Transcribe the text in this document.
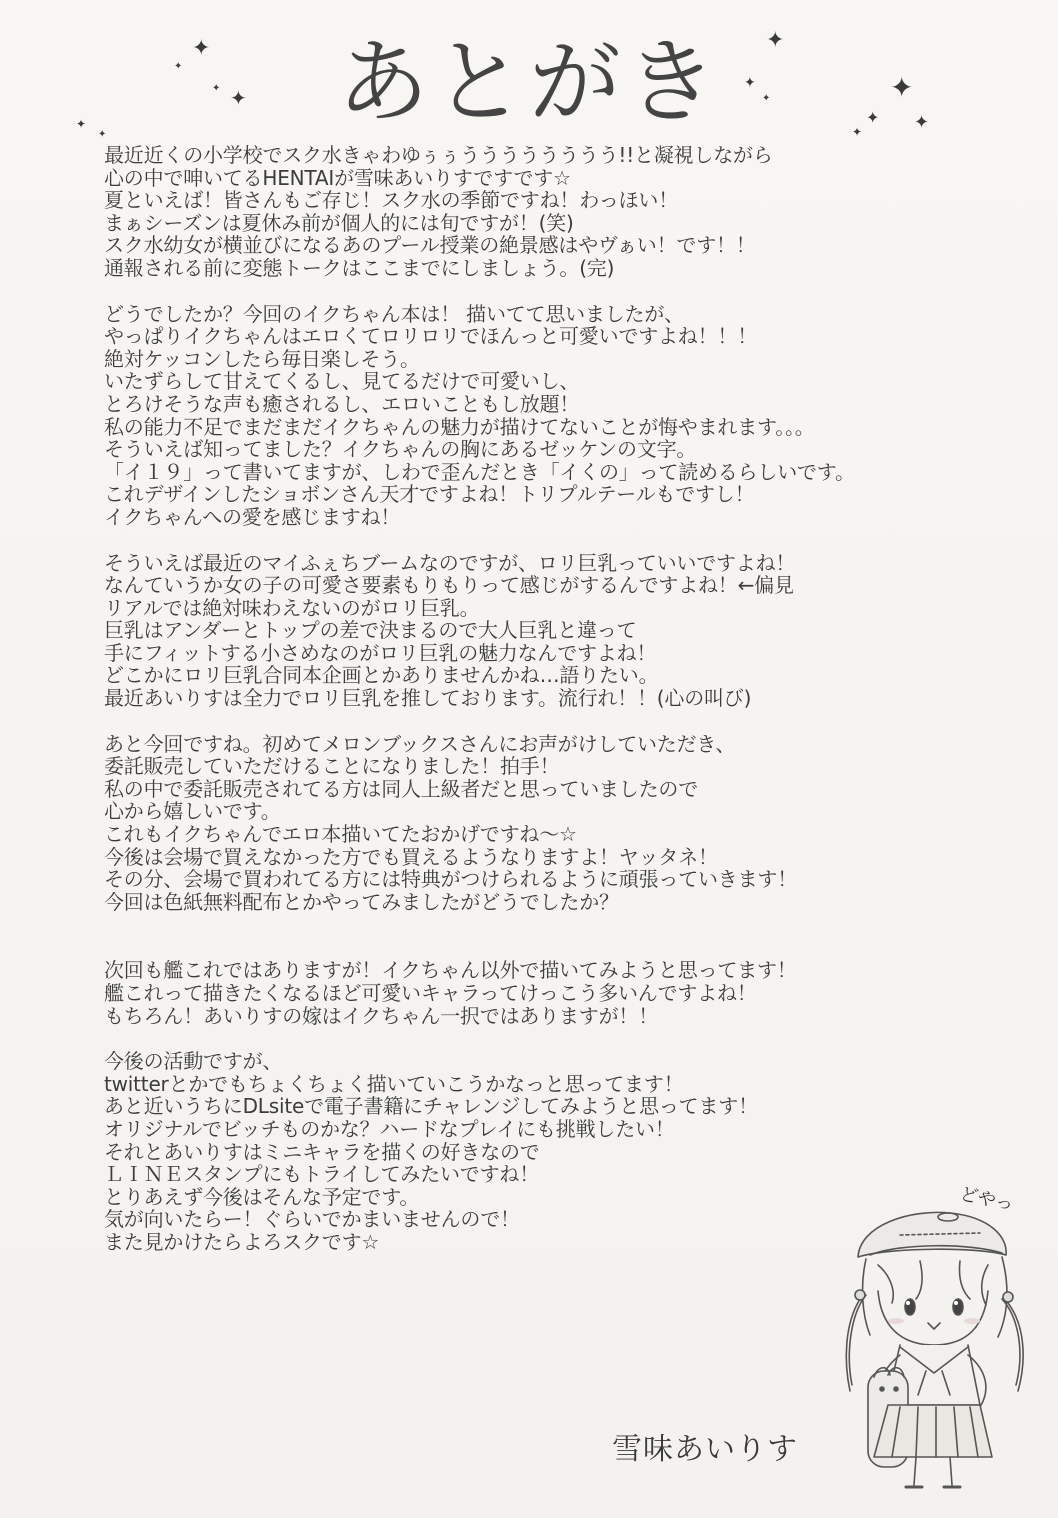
✦
✦
✦
✦
✦
✦
✦
✦
✦	✦
✦
✦	✦
あとがき
最近近くの小学校でスク水きゃわゆぅぅうううううううう!!と凝視しながら
心の中で呻いてるHENTAIが雪味あいりすですです☆
夏といえば！皆さんもご存じ！スク水の季節ですね！わっほい！
まぁシーズンは夏休み前が個人的には旬ですが！(笑)
スク水幼女が横並びになるあのプール授業の絶景感はやヴぁい！です！！
通報される前に変態トークはここまでにしましょう。(完)
どうでしたか？今回のイクちゃん本は！ 描いてて思いましたが、
やっぱりイクちゃんはエロくてロリロリでほんっと可愛いですよね！！！
絶対ケッコンしたら毎日楽しそう。
いたずらして甘えてくるし、見てるだけで可愛いし、
とろけそうな声も癒されるし、エロいこともし放題！
私の能力不足でまだまだイクちゃんの魅力が描けてないことが悔やまれます。。。
そういえば知ってました？イクちゃんの胸にあるゼッケンの文字。
「イ１９」って書いてますが、しわで歪んだとき「イくの」って読めるらしいです。
これデザインしたショボンさん天才ですよね！トリプルテールもですし！
イクちゃんへの愛を感じますね！
そういえば最近のマイふぇちブームなのですが、ロリ巨乳っていいですよね！
なんていうか女の子の可愛さ要素もりもりって感じがするんですよね！←偏見
リアルでは絶対味わえないのがロリ巨乳。
巨乳はアンダーとトップの差で決まるので大人巨乳と違って
手にフィットする小さめなのがロリ巨乳の魅力なんですよね！
どこかにロリ巨乳合同本企画とかありませんかね…語りたい。
最近あいりすは全力でロリ巨乳を推しております。流行れ！！(心の叫び)
あと今回ですね。初めてメロンブックスさんにお声がけしていただき、
委託販売していただけることになりました！拍手！
私の中で委託販売されてる方は同人上級者だと思っていましたので
心から嬉しいです。
これもイクちゃんでエロ本描いてたおかげですね～☆
今後は会場で買えなかった方でも買えるようなりますよ！ヤッタネ！
その分、会場で買われてる方には特典がつけられるように頑張っていきます！
今回は色紙無料配布とかやってみましたがどうでしたか？
次回も艦これではありますが！イクちゃん以外で描いてみようと思ってます！
艦これって描きたくなるほど可愛いキャラってけっこう多いんですよね！
もちろん！あいりすの嫁はイクちゃん一択ではありますが！！
今後の活動ですが、
twitterとかでもちょくちょく描いていこうかなっと思ってます！
あと近いうちにDLsiteで電子書籍にチャレンジしてみようと思ってます！
オリジナルでビッチものかな？ハードなプレイにも挑戦したい！
それとあいりすはミニキャラを描くの好きなので
ＬＩＮＥスタンプにもトライしてみたいですね！
とりあえず今後はそんな予定です。
気が向いたらー！ぐらいでかまいませんので！
また見かけたらよろスクです☆
どやっ
雪味あいりす
